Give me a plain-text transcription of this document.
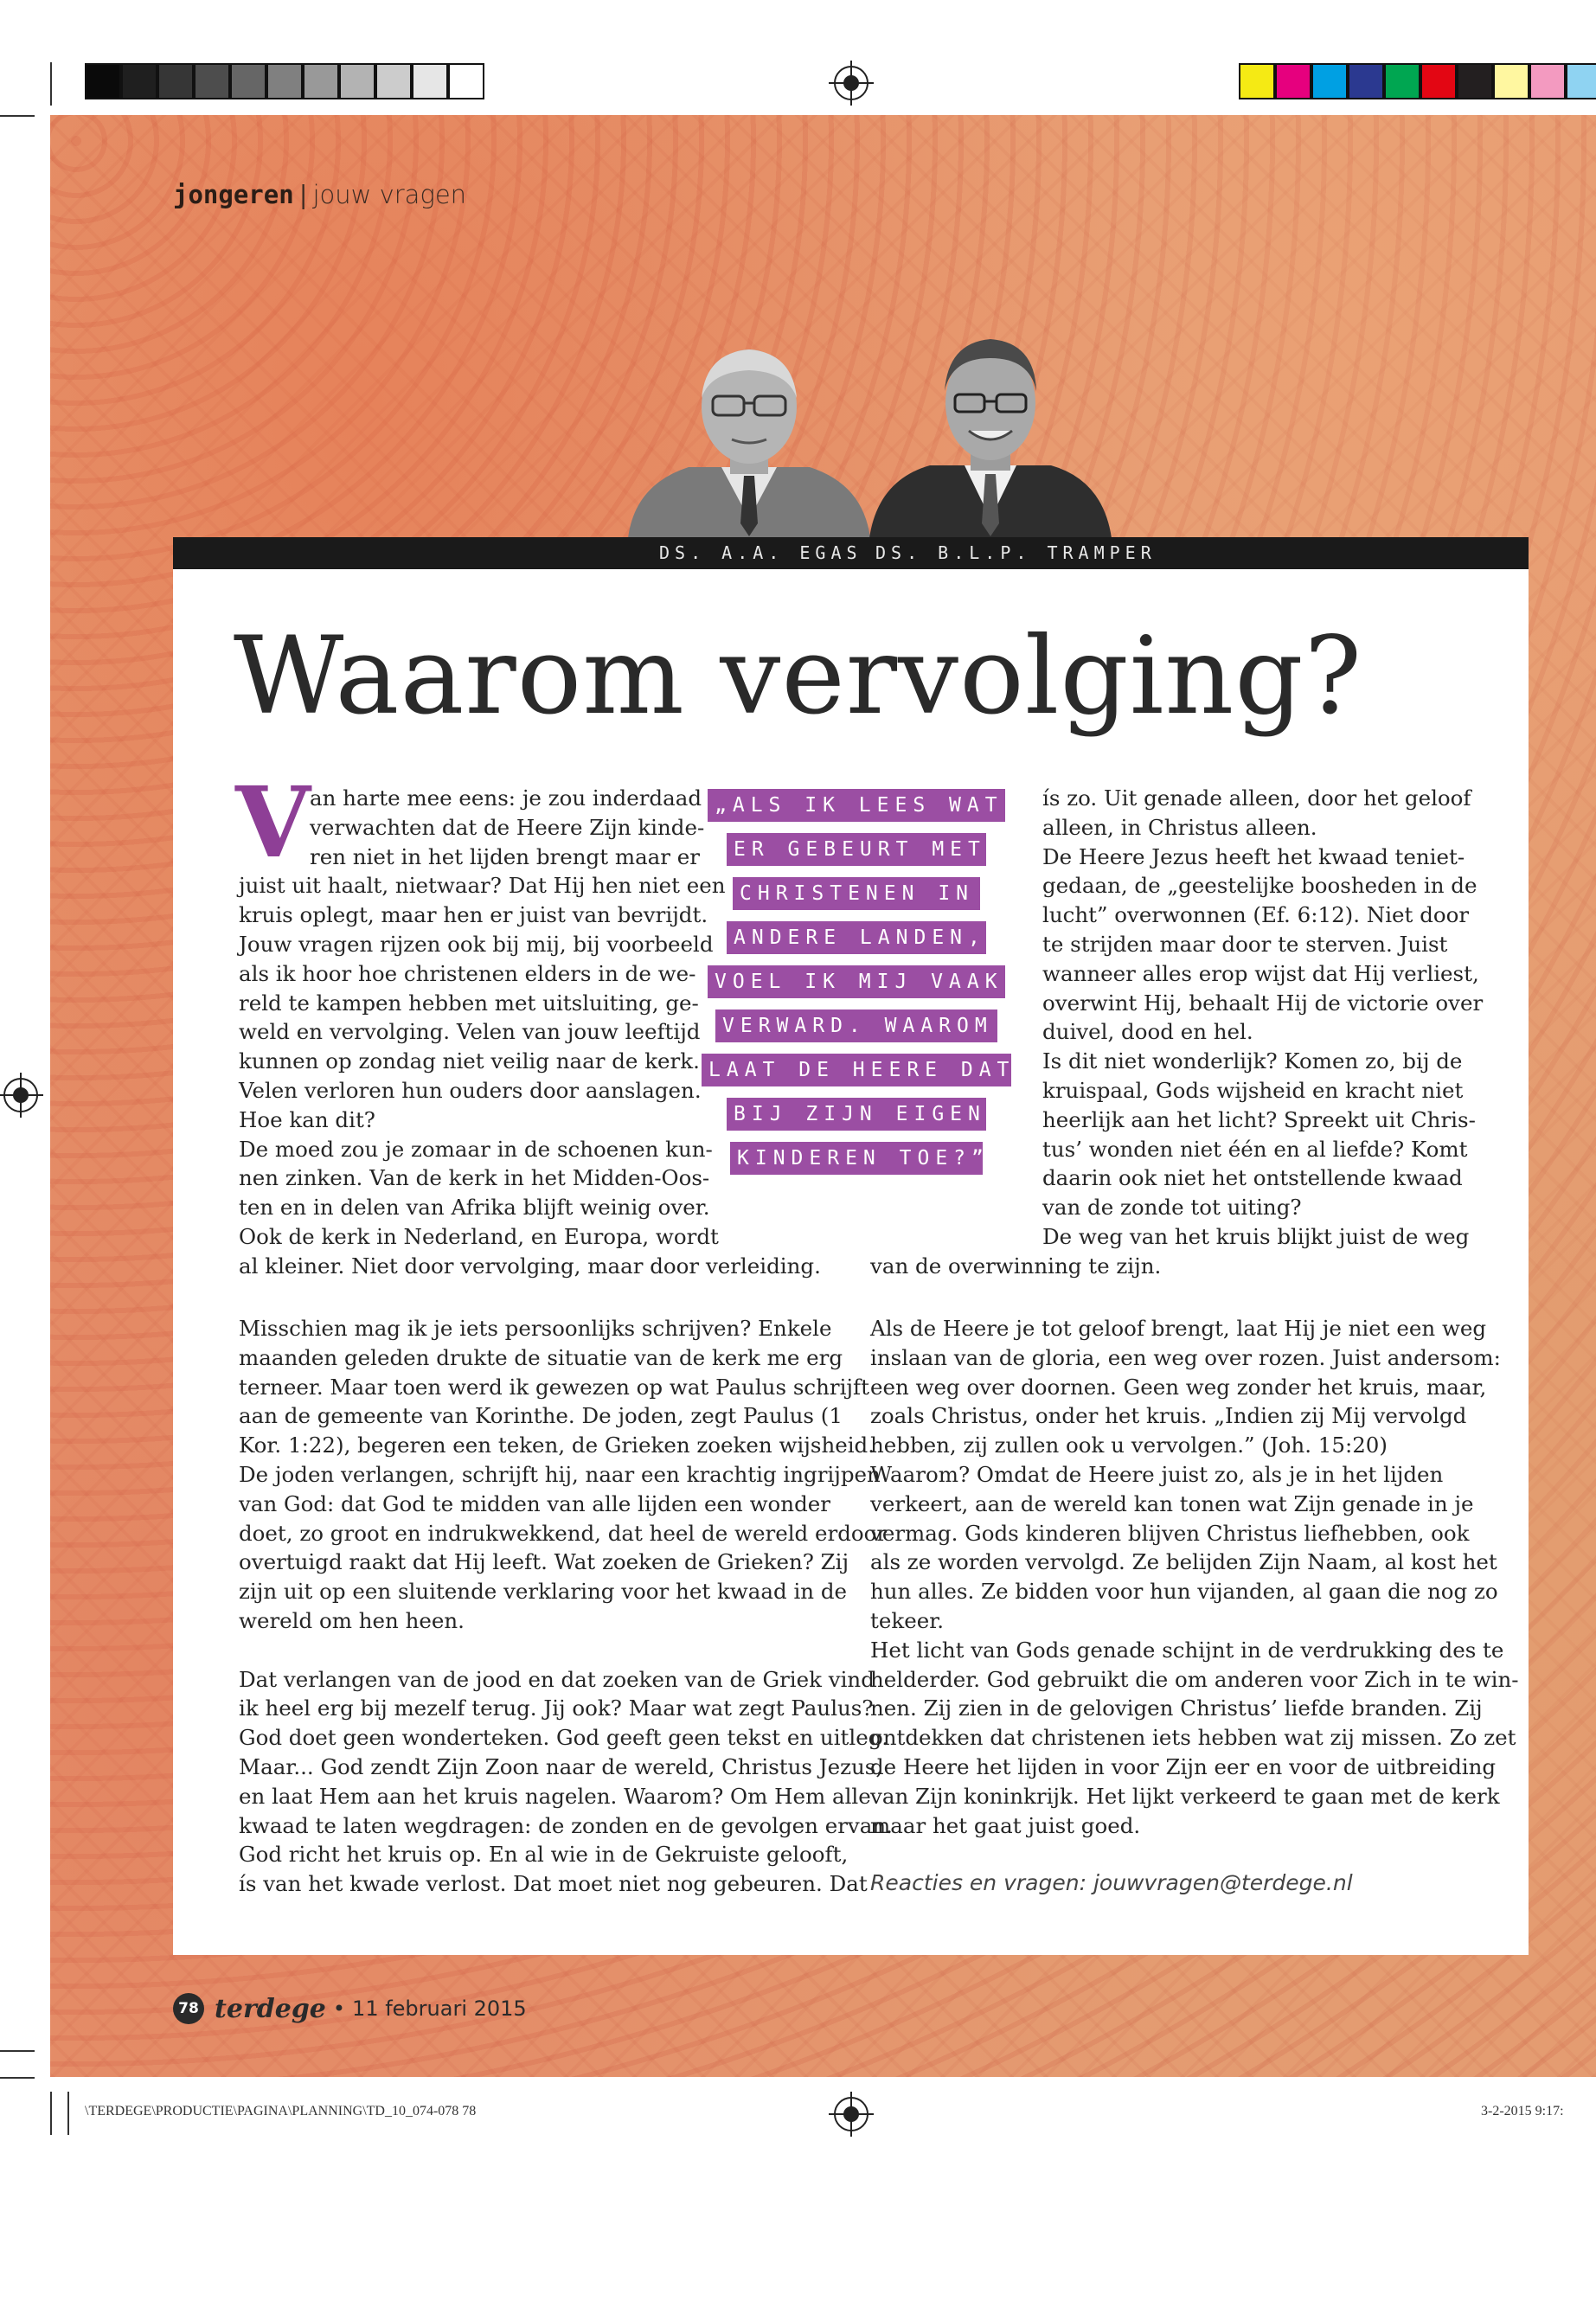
jongeren | jouw vragen
DS. A.A. EGAS DS. B.L.P. TRAMPER
Waarom vervolging?
V an harte mee eens: je zou inderdaad

verwachten dat de Heere Zijn kinde-

ren niet in het lijden brengt maar er

juist uit haalt, nietwaar? Dat Hij hen niet een

kruis oplegt, maar hen er juist van bevrijdt.

Jouw vragen rijzen ook bij mij, bij voorbeeld

als ik hoor hoe christenen elders in de we-

reld te kampen hebben met uitsluiting, ge-

weld en vervolging. Velen van jouw leeftijd

kunnen op zondag niet veilig naar de kerk.

Velen verloren hun ouders door aanslagen.

Hoe kan dit?

De moed zou je zomaar in de schoenen kun-

nen zinken. Van de kerk in het Midden-Oos-

ten en in delen van Afrika blijft weinig over.

Ook de kerk in Nederland, en Europa, wordt

al kleiner. Niet door vervolging, maar door verleiding.

„ALS IK LEES WAT
ER GEBEURT MET
CHRISTENEN IN
ANDERE LANDEN,
VOEL IK MIJ VAAK
VERWARD. WAAROM
LAAT DE HEERE DAT
BIJ ZIJN EIGEN
KINDEREN TOE?”

ís zo. Uit genade alleen, door het geloof

alleen, in Christus alleen.

De Heere Jezus heeft het kwaad teniet-

gedaan, de „geestelijke boosheden in de

lucht” overwonnen (Ef. 6:12). Niet door

te strijden maar door te sterven. Juist

wanneer alles erop wijst dat Hij verliest,

overwint Hij, behaalt Hij de victorie over

duivel, dood en hel.

Is dit niet wonderlijk? Komen zo, bij de

kruispaal, Gods wijsheid en kracht niet

heerlijk aan het licht? Spreekt uit Chris-

tus’ wonden niet één en al liefde? Komt

daarin ook niet het ontstellende kwaad

van de zonde tot uiting?

De weg van het kruis blijkt juist de weg

van de overwinning te zijn.

Misschien mag ik je iets persoonlijks schrijven? Enkele

maanden geleden drukte de situatie van de kerk me erg

terneer. Maar toen werd ik gewezen op wat Paulus schrijft

aan de gemeente van Korinthe. De joden, zegt Paulus (1

Kor. 1:22), begeren een teken, de Grieken zoeken wijsheid.

De joden verlangen, schrijft hij, naar een krachtig ingrijpen

van God: dat God te midden van alle lijden een wonder

doet, zo groot en indrukwekkend, dat heel de wereld erdoor

overtuigd raakt dat Hij leeft. Wat zoeken de Grieken? Zij

zijn uit op een sluitende verklaring voor het kwaad in de

wereld om hen heen.

Dat verlangen van de jood en dat zoeken van de Griek vind

ik heel erg bij mezelf terug. Jij ook? Maar wat zegt Paulus?

God doet geen wonderteken. God geeft geen tekst en uitleg.

Maar... God zendt Zijn Zoon naar de wereld, Christus Jezus,

en laat Hem aan het kruis nagelen. Waarom? Om Hem alle

kwaad te laten wegdragen: de zonden en de gevolgen ervan.

God richt het kruis op. En al wie in de Gekruiste gelooft,

ís van het kwade verlost. Dat moet niet nog gebeuren. Dat

Als de Heere je tot geloof brengt, laat Hij je niet een weg

inslaan van de gloria, een weg over rozen. Juist andersom:

een weg over doornen. Geen weg zonder het kruis, maar,

zoals Christus, onder het kruis. „Indien zij Mij vervolgd

hebben, zij zullen ook u vervolgen.” (Joh. 15:20)

Waarom? Omdat de Heere juist zo, als je in het lijden

verkeert, aan de wereld kan tonen wat Zijn genade in je

vermag. Gods kinderen blijven Christus liefhebben, ook

als ze worden vervolgd. Ze belijden Zijn Naam, al kost het

hun alles. Ze bidden voor hun vijanden, al gaan die nog zo

tekeer.

Het licht van Gods genade schijnt in de verdrukking des te

helderder. God gebruikt die om anderen voor Zich in te win-

nen. Zij zien in de gelovigen Christus’ liefde branden. Zij

ontdekken dat christenen iets hebben wat zij missen. Zo zet

de Heere het lijden in voor Zijn eer en voor de uitbreiding

van Zijn koninkrijk. Het lijkt verkeerd te gaan met de kerk

maar het gaat juist goed.

Reacties en vragen: jouwvragen@terdege.nl
78 terdege • 11 februari 2015
\TERDEGE\PRODUCTIE\PAGINA\PLANNING\TD_10_074-078 78	3-2-2015 9:17:
